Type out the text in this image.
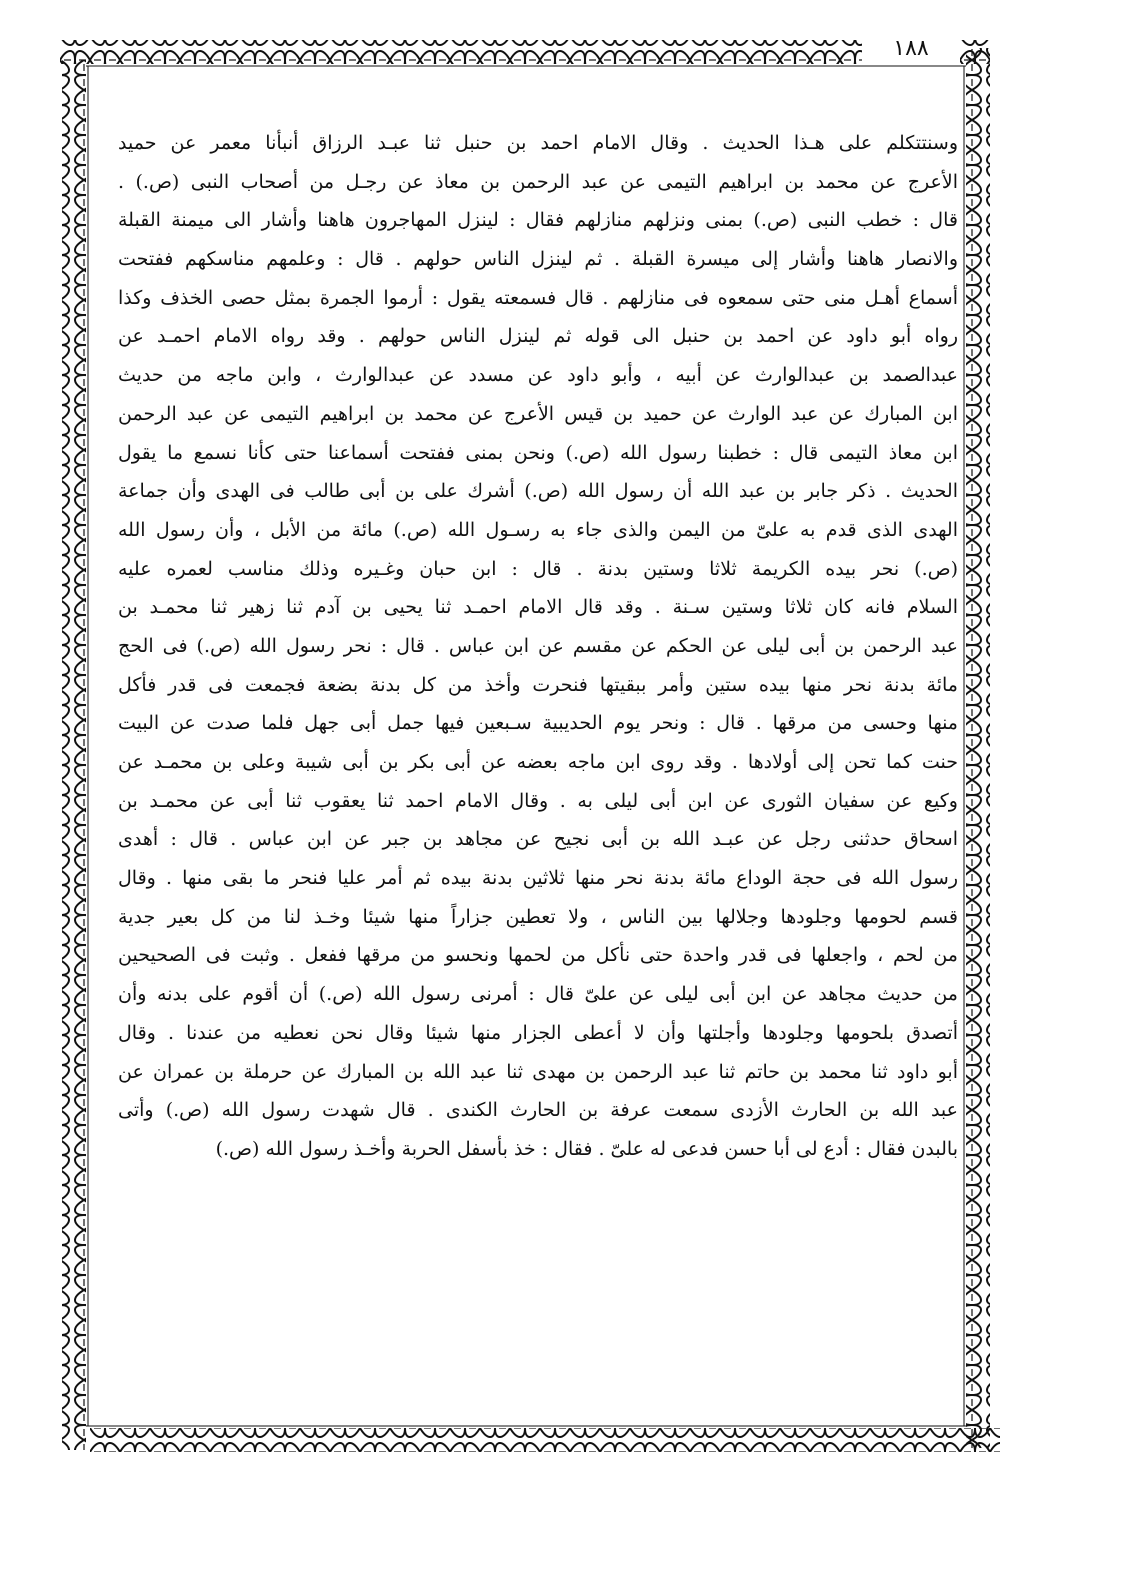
١٨٨
وسنتتكلم على هـذا الحديث . وقال الامام احمد بن حنبل ثنا عبـد الرزاق أنبأنا معمر عن حميد
الأعرج عن محمد بن ابراهيم التيمى عن عبد الرحمن بن معاذ عن رجـل من أصحاب النبى (ص.) .
قال : خطب النبى (ص.) بمنى ونزلهم منازلهم فقال : لينزل المهاجرون هاهنا وأشار الى ميمنة القبلة
والانصار هاهنا وأشار إلى ميسرة القبلة . ثم لينزل الناس حولهم . قال : وعلمهم مناسكهم ففتحت
أسماع أهـل منى حتى سمعوه فى منازلهم . قال فسمعته يقول : أرموا الجمرة بمثل حصى الخذف وكذا
رواه أبو داود عن احمد بن حنبل الى قوله ثم لينزل الناس حولهم . وقد رواه الامام احمـد عن
عبدالصمد بن عبدالوارث عن أبيه ، وأبو داود عن مسدد عن عبدالوارث ، وابن ماجه من حديث
ابن المبارك عن عبد الوارث عن حميد بن قيس الأعرج عن محمد بن ابراهيم التيمى عن عبد الرحمن
ابن معاذ التيمى قال : خطبنا رسول الله (ص.) ونحن بمنى ففتحت أسماعنا حتى كأنا نسمع ما يقول
الحديث . ذكر جابر بن عبد الله أن رسول الله (ص.) أشرك على بن أبى طالب فى الهدى وأن جماعة
الهدى الذى قدم به علىّ من اليمن والذى جاء به رسـول الله (ص.) مائة من الأبل ، وأن رسول الله
(ص.) نحر بيده الكريمة ثلاثا وستين بدنة . قال : ابن حبان وغـيره وذلك مناسب لعمره عليه
السلام فانه كان ثلاثا وستين سـنة . وقد قال الامام احمـد ثنا يحيى بن آدم ثنا زهير ثنا محمـد بن
عبد الرحمن بن أبى ليلى عن الحكم عن مقسم عن ابن عباس . قال : نحر رسول الله (ص.) فى الحج
مائة بدنة نحر منها بيده ستين وأمر ببقيتها فنحرت وأخذ من كل بدنة بضعة فجمعت فى قدر فأكل
منها وحسى من مرقها . قال : ونحر يوم الحديبية سـبعين فيها جمل أبى جهل فلما صدت عن البيت
حنت كما تحن إلى أولادها . وقد روى ابن ماجه بعضه عن أبى بكر بن أبى شيبة وعلى بن محمـد عن
وكيع عن سفيان الثورى عن ابن أبى ليلى به . وقال الامام احمد ثنا يعقوب ثنا أبى عن محمـد بن
اسحاق حدثنى رجل عن عبـد الله بن أبى نجيح عن مجاهد بن جبر عن ابن عباس . قال : أهدى
رسول الله فى حجة الوداع مائة بدنة نحر منها ثلاثين بدنة بيده ثم أمر عليا فنحر ما بقى منها . وقال
قسم لحومها وجلودها وجلالها بين الناس ، ولا تعطين جزاراً منها شيئا وخـذ لنا من كل بعير جدية
من لحم ، واجعلها فى قدر واحدة حتى نأكل من لحمها ونحسو من مرقها ففعل . وثبت فى الصحيحين
من حديث مجاهد عن ابن أبى ليلى عن علىّ قال : أمرنى رسول الله (ص.) أن أقوم على بدنه وأن
أتصدق بلحومها وجلودها وأجلتها وأن لا أعطى الجزار منها شيئا وقال نحن نعطيه من عندنا . وقال
أبو داود ثنا محمد بن حاتم ثنا عبد الرحمن بن مهدى ثنا عبد الله بن المبارك عن حرملة بن عمران عن
عبد الله بن الحارث الأزدى سمعت عرفة بن الحارث الكندى . قال شهدت رسول الله (ص.) وأتى
بالبدن فقال : أدع لى أبا حسن فدعى له علىّ . فقال : خذ بأسفل الحربة وأخـذ رسول الله (ص.)
